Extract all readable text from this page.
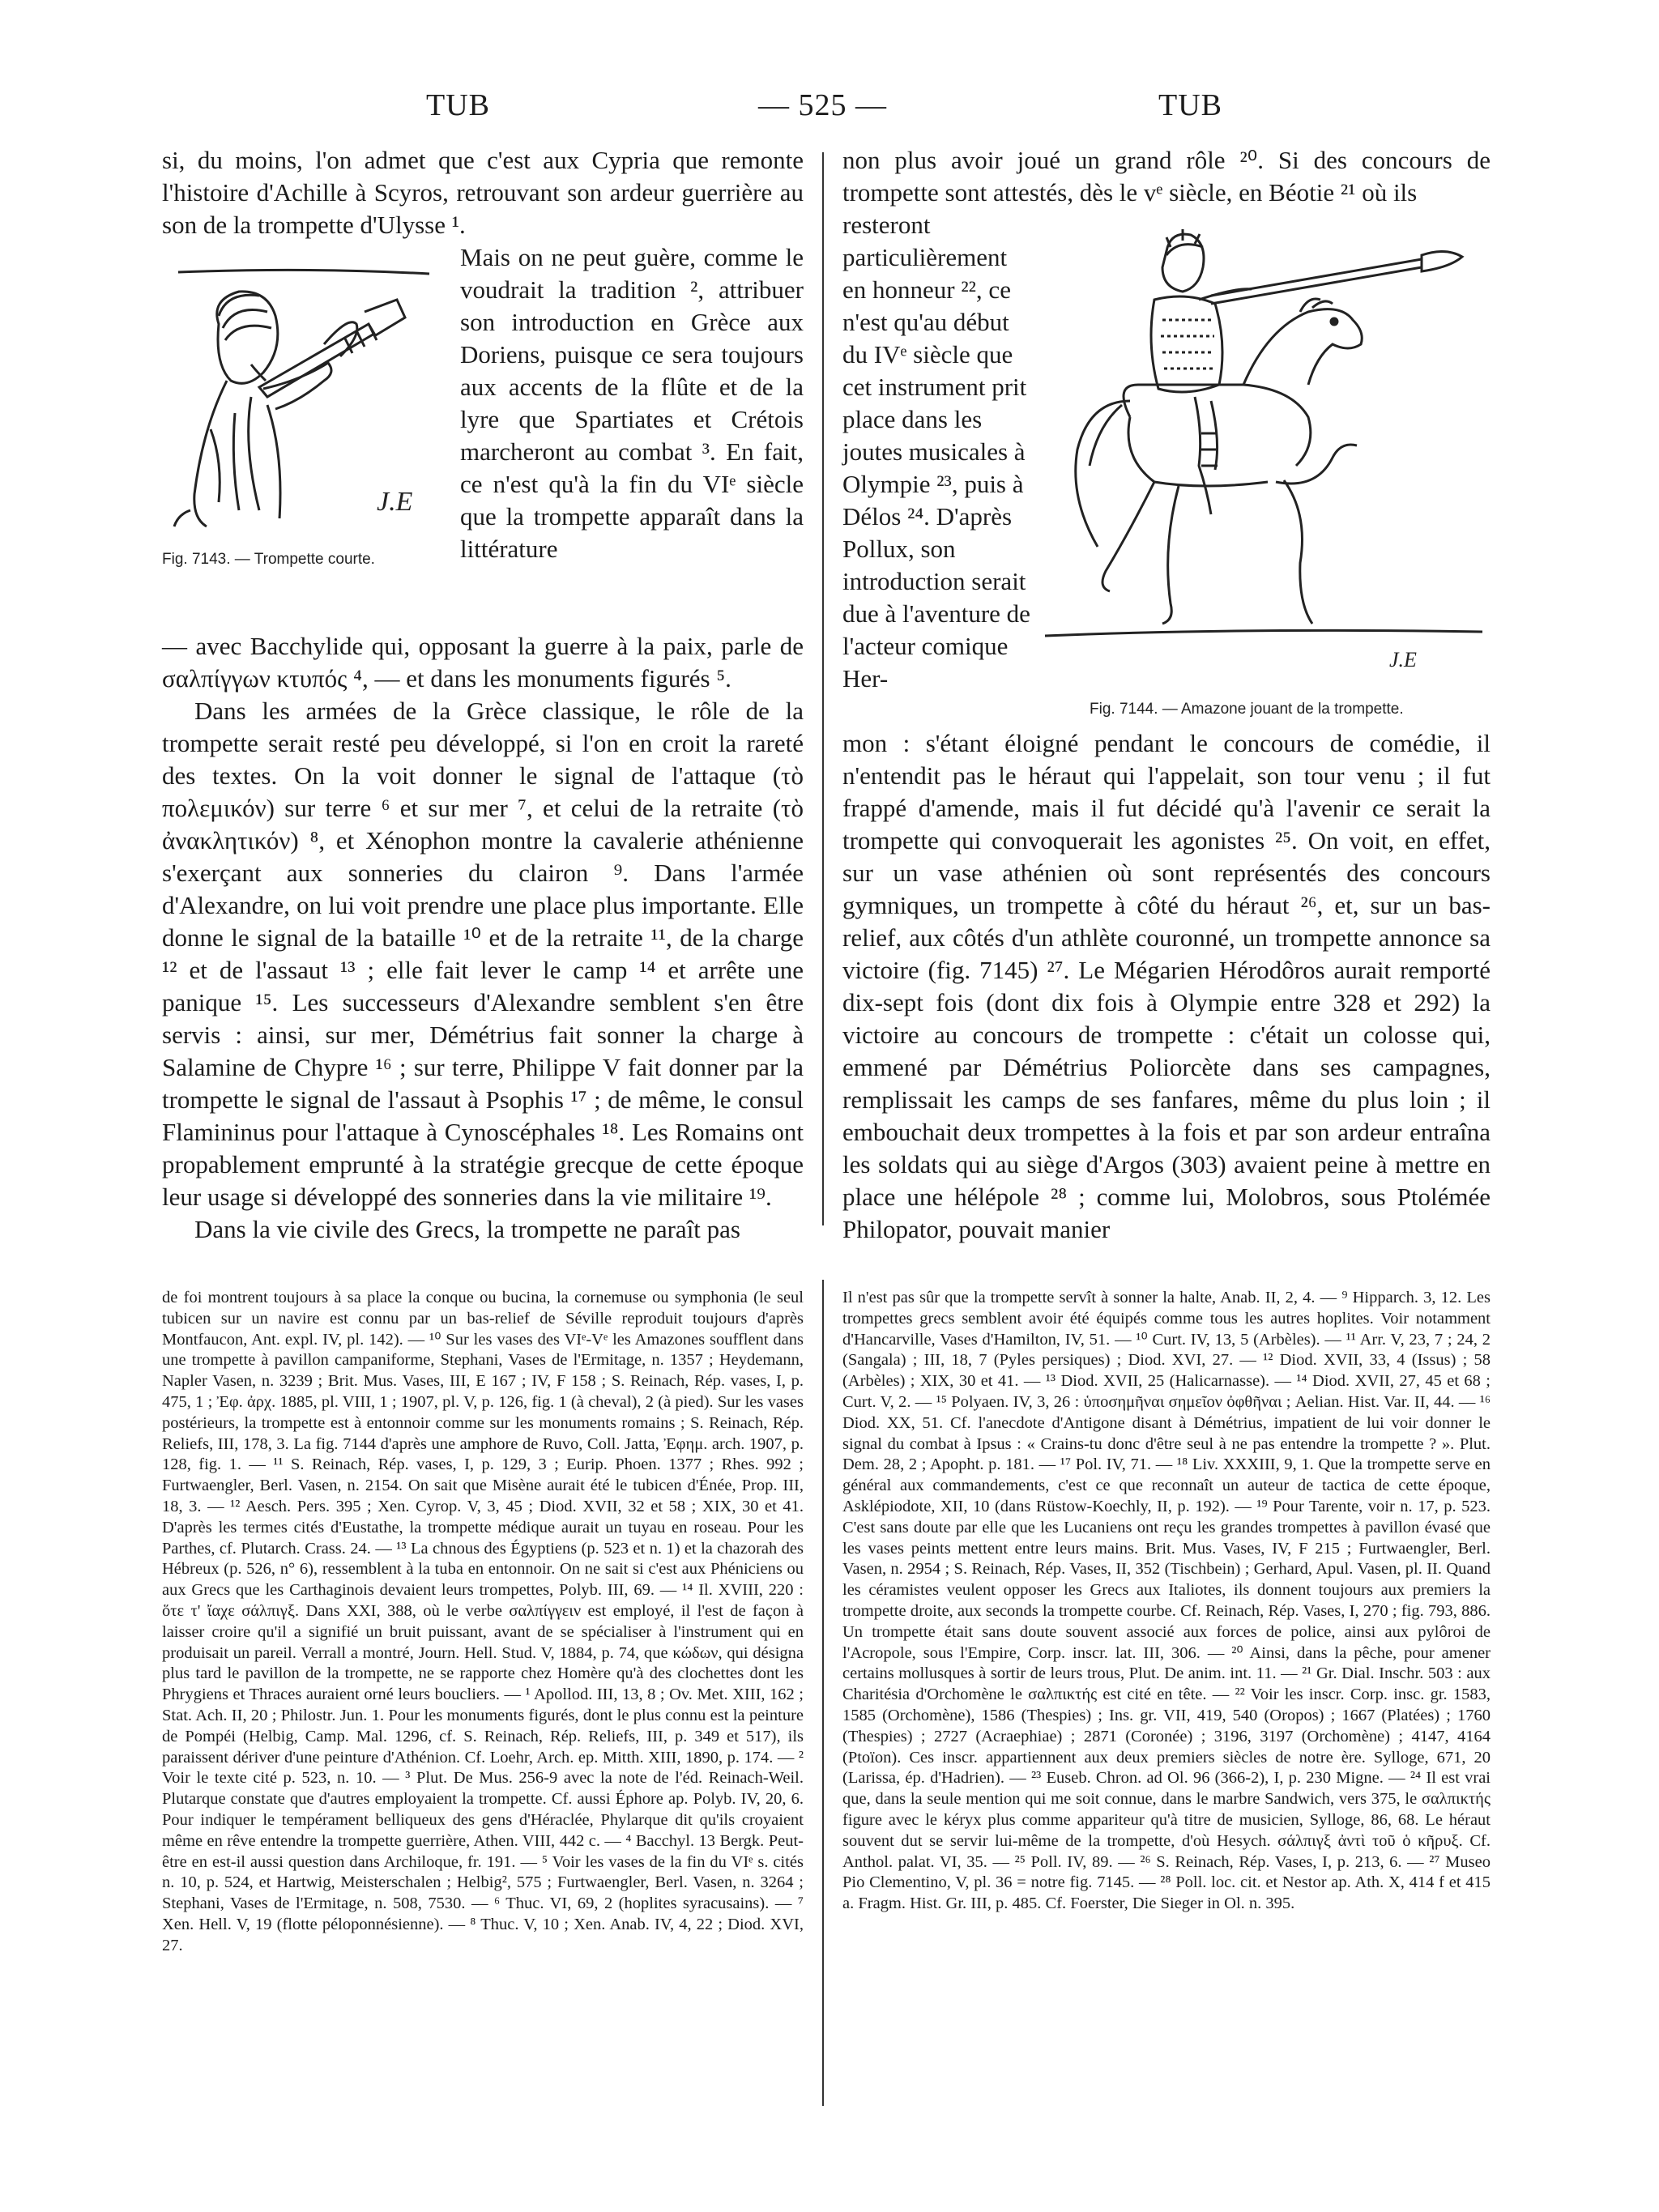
TUB	— 525 —	TUB
J.E
Fig. 7143. — Trompette courte.
J.E
Fig. 7144. — Amazone jouant de la trompette.

si, du moins, l'on admet que c'est aux Cypria que remonte l'histoire d'Achille à Scyros, retrouvant son ardeur guerrière au son de la trompette d'Ulysse ¹.

Mais on ne peut guère, comme le voudrait la tradition ², attribuer son introduction en Grèce aux Doriens, puisque ce sera toujours aux accents de la flûte et de la lyre que Spartiates et Crétois marcheront au combat ³. En fait, ce n'est qu'à la fin du VIᵉ siècle que la trompette apparaît dans la littérature

— avec Bacchylide qui, opposant la guerre à la paix, parle de σαλπίγγων κτυπός ⁴, — et dans les monuments figurés ⁵.

Dans les armées de la Grèce classique, le rôle de la trompette serait resté peu développé, si l'on en croit la rareté des textes. On la voit donner le signal de l'attaque (τὸ πολεμικόν) sur terre ⁶ et sur mer ⁷, et celui de la retraite (τὸ ἀνακλητικόν) ⁸, et Xénophon montre la cavalerie athénienne s'exerçant aux sonneries du clairon ⁹. Dans l'armée d'Alexandre, on lui voit prendre une place plus importante. Elle donne le signal de la bataille ¹⁰ et de la retraite ¹¹, de la charge ¹² et de l'assaut ¹³ ; elle fait lever le camp ¹⁴ et arrête une panique ¹⁵. Les successeurs d'Alexandre semblent s'en être servis : ainsi, sur mer, Démétrius fait sonner la charge à Salamine de Chypre ¹⁶ ; sur terre, Philippe V fait donner par la trompette le signal de l'assaut à Psophis ¹⁷ ; de même, le consul Flamininus pour l'attaque à Cynoscéphales ¹⁸. Les Romains ont propablement emprunté à la stratégie grecque de cette époque leur usage si développé des sonneries dans la vie militaire ¹⁹.

Dans la vie civile des Grecs, la trompette ne paraît pas

non plus avoir joué un grand rôle ²⁰. Si des concours de trompette sont attestés, dès le vᵉ siècle, en Béotie ²¹ où ils

resteront particulièrement en honneur ²², ce n'est qu'au début du IVᵉ siècle que cet instrument prit place dans les joutes musicales à Olympie ²³, puis à Délos ²⁴. D'après Pollux, son introduction serait due à l'aventure de l'acteur comique Her-

mon : s'étant éloigné pendant le concours de comédie, il n'entendit pas le héraut qui l'appelait, son tour venu ; il fut frappé d'amende, mais il fut décidé qu'à l'avenir ce serait la trompette qui convoquerait les agonistes ²⁵. On voit, en effet, sur un vase athénien où sont représentés des concours gymniques, un trompette à côté du héraut ²⁶, et, sur un bas-relief, aux côtés d'un athlète couronné, un trompette annonce sa victoire (fig. 7145) ²⁷. Le Mégarien Hérodôros aurait remporté dix-sept fois (dont dix fois à Olympie entre 328 et 292) la victoire au concours de trompette : c'était un colosse qui, emmené par Démétrius Poliorcète dans ses campagnes, remplissait les camps de ses fanfares, même du plus loin ; il embouchait deux trompettes à la fois et par son ardeur entraîna les soldats qui au siège d'Argos (303) avaient peine à mettre en place une hélépole ²⁸ ; comme lui, Molobros, sous Ptolémée Philopator, pouvait manier

de foi montrent toujours à sa place la conque ou bucina, la cornemuse ou symphonia (le seul tubicen sur un navire est connu par un bas-relief de Séville reproduit toujours d'après Montfaucon, Ant. expl. IV, pl. 142). — ¹⁰ Sur les vases des VIᵉ-Vᵉ les Amazones soufflent dans une trompette à pavillon campaniforme, Stephani, Vases de l'Ermitage, n. 1357 ; Heydemann, Napler Vasen, n. 3239 ; Brit. Mus. Vases, III, E 167 ; IV, F 158 ; S. Reinach, Rép. vases, I, p. 475, 1 ; Ἐφ. ἀρχ. 1885, pl. VIII, 1 ; 1907, pl. V, p. 126, fig. 1 (à cheval), 2 (à pied). Sur les vases postérieurs, la trompette est à entonnoir comme sur les monuments romains ; S. Reinach, Rép. Reliefs, III, 178, 3. La fig. 7144 d'après une amphore de Ruvo, Coll. Jatta, Ἐφημ. arch. 1907, p. 128, fig. 1. — ¹¹ S. Reinach, Rép. vases, I, p. 129, 3 ; Eurip. Phoen. 1377 ; Rhes. 992 ; Furtwaengler, Berl. Vasen, n. 2154. On sait que Misène aurait été le tubicen d'Énée, Prop. III, 18, 3. — ¹² Aesch. Pers. 395 ; Xen. Cyrop. V, 3, 45 ; Diod. XVII, 32 et 58 ; XIX, 30 et 41. D'après les termes cités d'Eustathe, la trompette médique aurait un tuyau en roseau. Pour les Parthes, cf. Plutarch. Crass. 24. — ¹³ La chnous des Égyptiens (p. 523 et n. 1) et la chazorah des Hébreux (p. 526, n° 6), ressemblent à la tuba en entonnoir. On ne sait si c'est aux Phéniciens ou aux Grecs que les Carthaginois devaient leurs trompettes, Polyb. III, 69. — ¹⁴ Il. XVIII, 220 : ὅτε τ' ἴαχε σάλπιγξ. Dans XXI, 388, où le verbe σαλπίγγειν est employé, il l'est de façon à laisser croire qu'il a signifié un bruit puissant, avant de se spécialiser à l'instrument qui en produisait un pareil. Verrall a montré, Journ. Hell. Stud. V, 1884, p. 74, que κώδων, qui désigna plus tard le pavillon de la trompette, ne se rapporte chez Homère qu'à des clochettes dont les Phrygiens et Thraces auraient orné leurs boucliers. — ¹ Apollod. III, 13, 8 ; Ov. Met. XIII, 162 ; Stat. Ach. II, 20 ; Philostr. Jun. 1. Pour les monuments figurés, dont le plus connu est la peinture de Pompéi (Helbig, Camp. Mal. 1296, cf. S. Reinach, Rép. Reliefs, III, p. 349 et 517), ils paraissent dériver d'une peinture d'Athénion. Cf. Loehr, Arch. ep. Mitth. XIII, 1890, p. 174. — ² Voir le texte cité p. 523, n. 10. — ³ Plut. De Mus. 256-9 avec la note de l'éd. Reinach-Weil. Plutarque constate que d'autres employaient la trompette. Cf. aussi Éphore ap. Polyb. IV, 20, 6. Pour indiquer le tempérament belliqueux des gens d'Héraclée, Phylarque dit qu'ils croyaient même en rêve entendre la trompette guerrière, Athen. VIII, 442 c. — ⁴ Bacchyl. 13 Bergk. Peut-être en est-il aussi question dans Archiloque, fr. 191. — ⁵ Voir les vases de la fin du VIᵉ s. cités n. 10, p. 524, et Hartwig, Meisterschalen ; Helbig², 575 ; Furtwaengler, Berl. Vasen, n. 3264 ; Stephani, Vases de l'Ermitage, n. 508, 7530. — ⁶ Thuc. VI, 69, 2 (hoplites syracusains). — ⁷ Xen. Hell. V, 19 (flotte péloponnésienne). — ⁸ Thuc. V, 10 ; Xen. Anab. IV, 4, 22 ; Diod. XVI, 27.

Il n'est pas sûr que la trompette servît à sonner la halte, Anab. II, 2, 4. — ⁹ Hipparch. 3, 12. Les trompettes grecs semblent avoir été équipés comme tous les autres hoplites. Voir notamment d'Hancarville, Vases d'Hamilton, IV, 51. — ¹⁰ Curt. IV, 13, 5 (Arbèles). — ¹¹ Arr. V, 23, 7 ; 24, 2 (Sangala) ; III, 18, 7 (Pyles persiques) ; Diod. XVI, 27. — ¹² Diod. XVII, 33, 4 (Issus) ; 58 (Arbèles) ; XIX, 30 et 41. — ¹³ Diod. XVII, 25 (Halicarnasse). — ¹⁴ Diod. XVII, 27, 45 et 68 ; Curt. V, 2. — ¹⁵ Polyaen. IV, 3, 26 : ὑποσημῆναι σημεῖον ὀφθῆναι ; Aelian. Hist. Var. II, 44. — ¹⁶ Diod. XX, 51. Cf. l'anecdote d'Antigone disant à Démétrius, impatient de lui voir donner le signal du combat à Ipsus : « Crains-tu donc d'être seul à ne pas entendre la trompette ? ». Plut. Dem. 28, 2 ; Apopht. p. 181. — ¹⁷ Pol. IV, 71. — ¹⁸ Liv. XXXIII, 9, 1. Que la trompette serve en général aux commandements, c'est ce que reconnaît un auteur de tactica de cette époque, Asklépiodote, XII, 10 (dans Rüstow-Koechly, II, p. 192). — ¹⁹ Pour Tarente, voir n. 17, p. 523. C'est sans doute par elle que les Lucaniens ont reçu les grandes trompettes à pavillon évasé que les vases peints mettent entre leurs mains. Brit. Mus. Vases, IV, F 215 ; Furtwaengler, Berl. Vasen, n. 2954 ; S. Reinach, Rép. Vases, II, 352 (Tischbein) ; Gerhard, Apul. Vasen, pl. II. Quand les céramistes veulent opposer les Grecs aux Italiotes, ils donnent toujours aux premiers la trompette droite, aux seconds la trompette courbe. Cf. Reinach, Rép. Vases, I, 270 ; fig. 793, 886. Un trompette était sans doute souvent associé aux forces de police, ainsi aux pylôroi de l'Acropole, sous l'Empire, Corp. inscr. lat. III, 306. — ²⁰ Ainsi, dans la pêche, pour amener certains mollusques à sortir de leurs trous, Plut. De anim. int. 11. — ²¹ Gr. Dial. Inschr. 503 : aux Charitésia d'Orchomène le σαλπικτής est cité en tête. — ²² Voir les inscr. Corp. insc. gr. 1583, 1585 (Orchomène), 1586 (Thespies) ; Ins. gr. VII, 419, 540 (Oropos) ; 1667 (Platées) ; 1760 (Thespies) ; 2727 (Acraephiae) ; 2871 (Coronée) ; 3196, 3197 (Orchomène) ; 4147, 4164 (Ptoïon). Ces inscr. appartiennent aux deux premiers siècles de notre ère. Sylloge, 671, 20 (Larissa, ép. d'Hadrien). — ²³ Euseb. Chron. ad Ol. 96 (366-2), I, p. 230 Migne. — ²⁴ Il est vrai que, dans la seule mention qui me soit connue, dans le marbre Sandwich, vers 375, le σαλπικτής figure avec le kéryx plus comme appariteur qu'à titre de musicien, Sylloge, 86, 68. Le héraut souvent dut se servir lui-même de la trompette, d'où Hesych. σάλπιγξ ἀντὶ τοῦ ὁ κῆρυξ. Cf. Anthol. palat. VI, 35. — ²⁵ Poll. IV, 89. — ²⁶ S. Reinach, Rép. Vases, I, p. 213, 6. — ²⁷ Museo Pio Clementino, V, pl. 36 = notre fig. 7145. — ²⁸ Poll. loc. cit. et Nestor ap. Ath. X, 414 f et 415 a. Fragm. Hist. Gr. III, p. 485. Cf. Foerster, Die Sieger in Ol. n. 395.
